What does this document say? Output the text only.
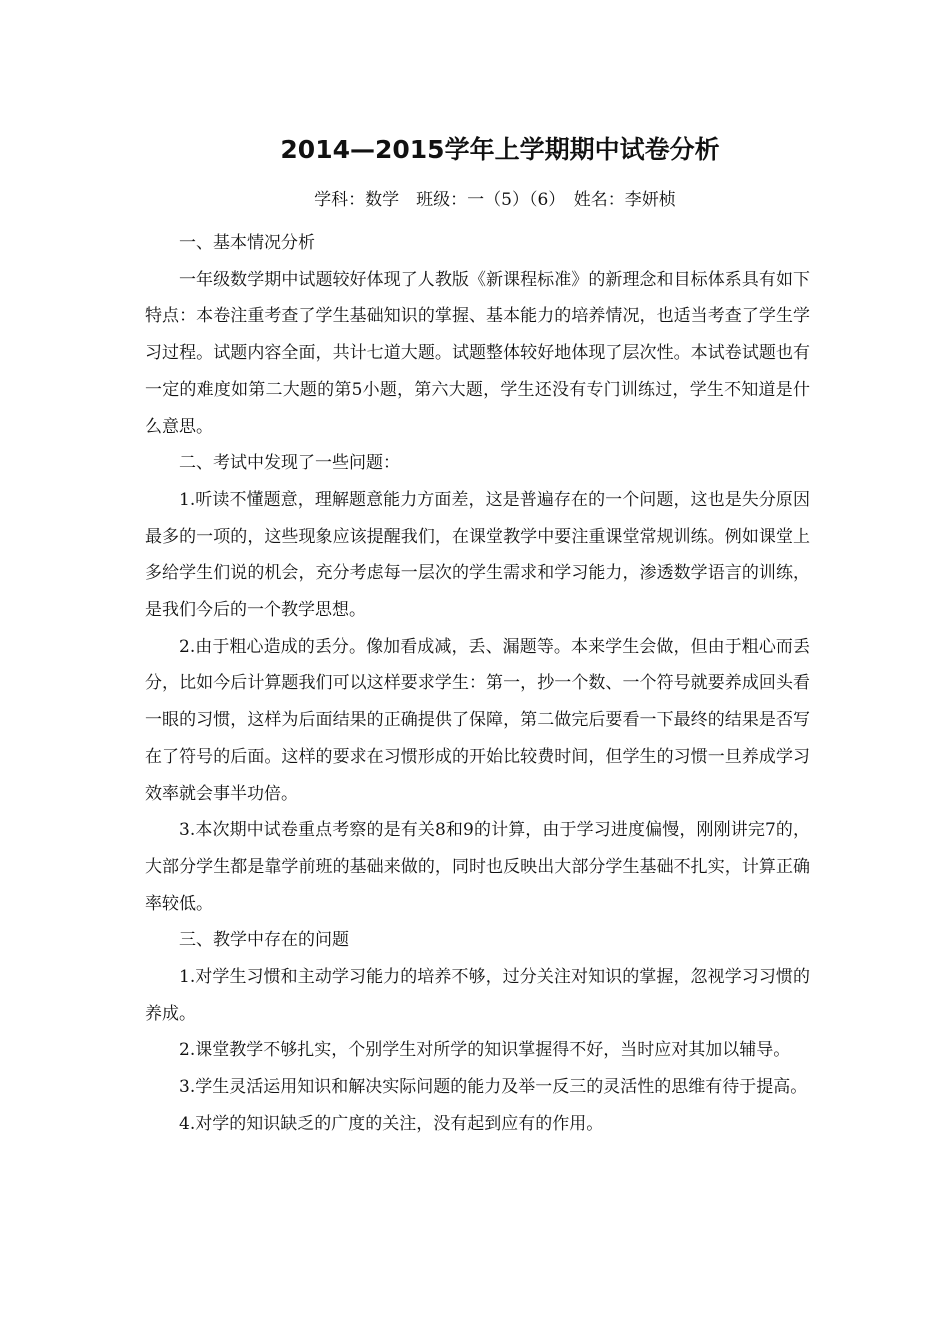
2014—2015学年上学期期中试卷分析
学科：数学　班级：一（5）（6）　姓名：李妍桢

一、基本情况分析

一年级数学期中试题较好体现了人教版《新课程标准》的新理念和目标体系具有如下特点：本卷注重考查了学生基础知识的掌握、基本能力的培养情况，也适当考查了学生学习过程。试题内容全面，共计七道大题。试题整体较好地体现了层次性。本试卷试题也有一定的难度如第二大题的第5小题，第六大题，学生还没有专门训练过，学生不知道是什么意思。

二、考试中发现了一些问题：

1.听读不懂题意，理解题意能力方面差，这是普遍存在的一个问题，这也是失分原因最多的一项的，这些现象应该提醒我们，在课堂教学中要注重课堂常规训练。例如课堂上多给学生们说的机会，充分考虑每一层次的学生需求和学习能力，渗透数学语言的训练，是我们今后的一个教学思想。

2.由于粗心造成的丢分。像加看成减，丢、漏题等。本来学生会做，但由于粗心而丢分，比如今后计算题我们可以这样要求学生：第一，抄一个数、一个符号就要养成回头看一眼的习惯，这样为后面结果的正确提供了保障，第二做完后要看一下最终的结果是否写在了符号的后面。这样的要求在习惯形成的开始比较费时间，但学生的习惯一旦养成学习效率就会事半功倍。

3.本次期中试卷重点考察的是有关8和9的计算，由于学习进度偏慢，刚刚讲完7的，大部分学生都是靠学前班的基础来做的，同时也反映出大部分学生基础不扎实，计算正确率较低。

三、教学中存在的问题

1.对学生习惯和主动学习能力的培养不够，过分关注对知识的掌握，忽视学习习惯的养成。

2.课堂教学不够扎实，个别学生对所学的知识掌握得不好，当时应对其加以辅导。

3.学生灵活运用知识和解决实际问题的能力及举一反三的灵活性的思维有待于提高。

4.对学的知识缺乏的广度的关注，没有起到应有的作用。
